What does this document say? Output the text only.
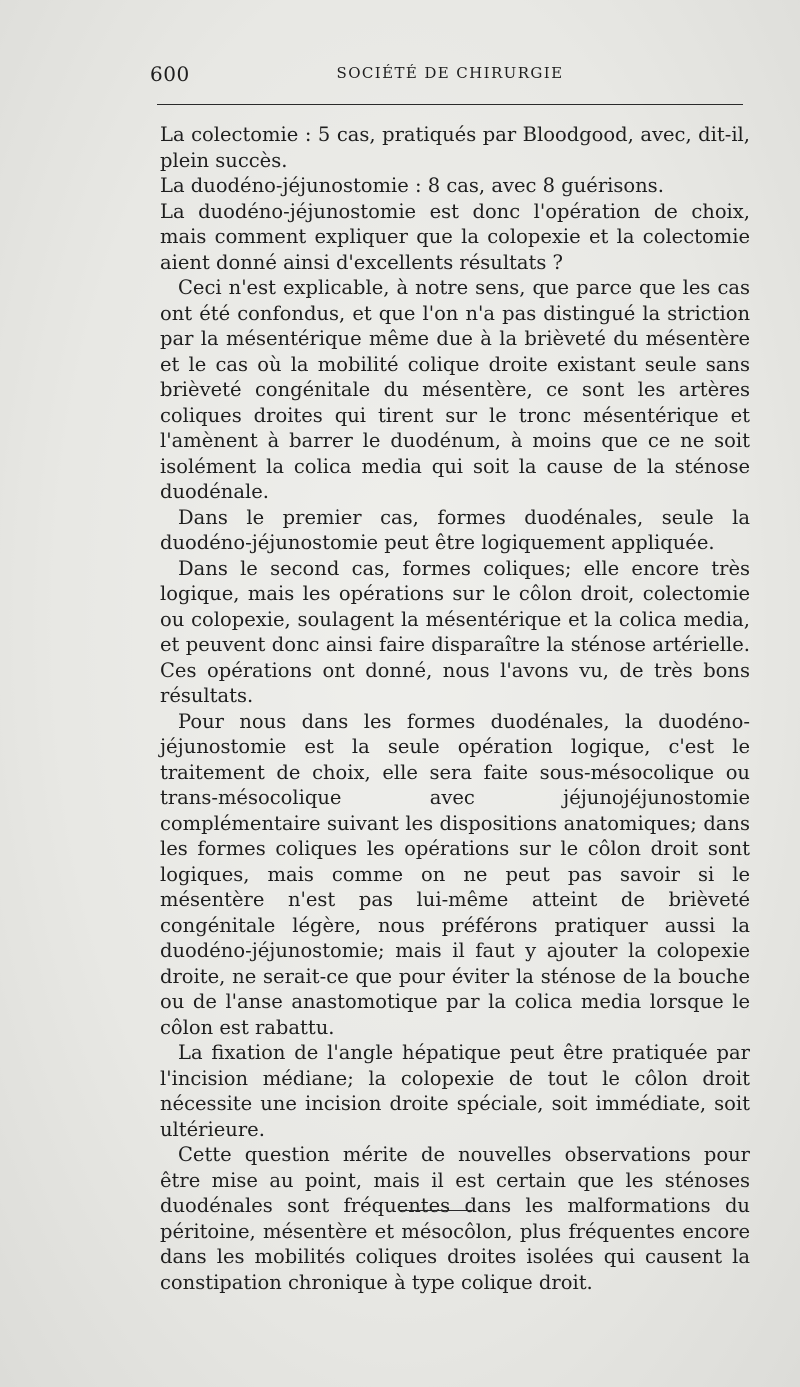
600	SOCIÉTÉ DE CHIRURGIE

La colectomie : 5 cas, pratiqués par Bloodgood, avec, dit-il, plein succès.

La duodéno-jéjunostomie : 8 cas, avec 8 guérisons.

La duodéno-jéjunostomie est donc l'opération de choix, mais comment expliquer que la colopexie et la colectomie aient donné ainsi d'excellents résultats ?

Ceci n'est explicable, à notre sens, que parce que les cas ont été confondus, et que l'on n'a pas distingué la striction par la mésentérique même due à la brièveté du mésentère et le cas où la mobilité colique droite existant seule sans brièveté congénitale du mésentère, ce sont les artères coliques droites qui tirent sur le tronc mésentérique et l'amènent à barrer le duodénum, à moins que ce ne soit isolément la colica media qui soit la cause de la sténose duodénale.

Dans le premier cas, formes duodénales, seule la duodéno-jéjunostomie peut être logiquement appliquée.

Dans le second cas, formes coliques; elle encore très logique, mais les opérations sur le côlon droit, colectomie ou colopexie, soulagent la mésentérique et la colica media, et peuvent donc ainsi faire disparaître la sténose artérielle. Ces opérations ont donné, nous l'avons vu, de très bons résultats.

Pour nous dans les formes duodénales, la duodéno-jéjunostomie est la seule opération logique, c'est le traitement de choix, elle sera faite sous-mésocolique ou trans-mésocolique avec jéjunojéjunostomie complémentaire suivant les dispositions anatomiques; dans les formes coliques les opérations sur le côlon droit sont logiques, mais comme on ne peut pas savoir si le mésentère n'est pas lui-même atteint de brièveté congénitale légère, nous préférons pratiquer aussi la duodéno-jéjunostomie; mais il faut y ajouter la colopexie droite, ne serait-ce que pour éviter la sténose de la bouche ou de l'anse anastomotique par la colica media lorsque le côlon est rabattu.

La fixation de l'angle hépatique peut être pratiquée par l'incision médiane; la colopexie de tout le côlon droit nécessite une incision droite spéciale, soit immédiate, soit ultérieure.

Cette question mérite de nouvelles observations pour être mise au point, mais il est certain que les sténoses duodénales sont fréquentes dans les malformations du péritoine, mésentère et mésocôlon, plus fréquentes encore dans les mobilités coliques droites isolées qui causent la constipation chronique à type colique droit.
